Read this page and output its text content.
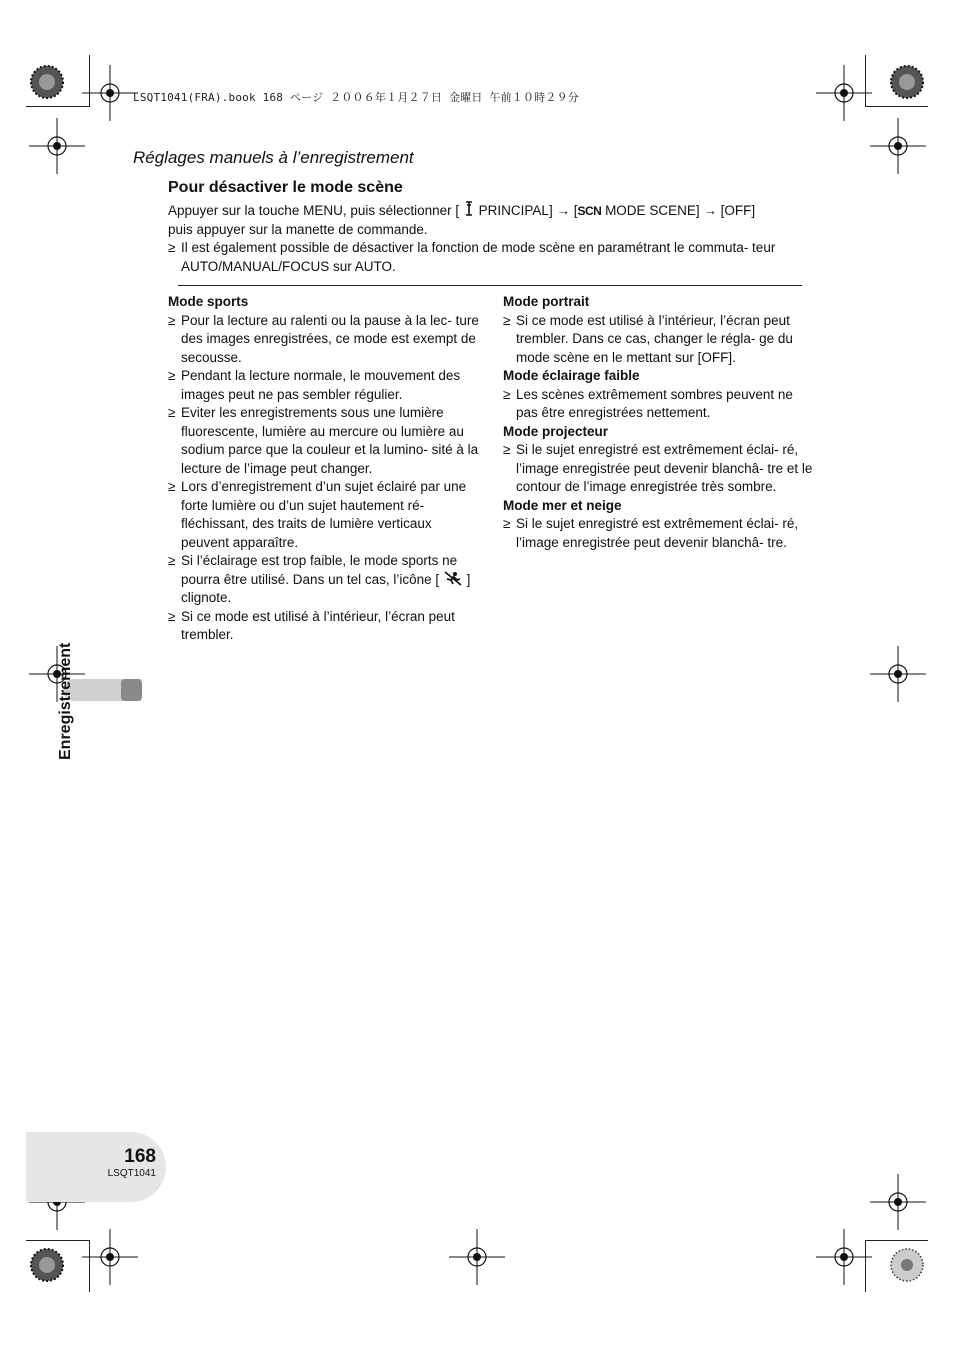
LSQT1041(FRA).book 168 ページ ２００６年１月２７日 金曜日 午前１０時２９分
Réglages manuels à l’enregistrement
Pour désactiver le mode scène

Appuyer sur la touche MENU, puis sélectionner [ PRINCIPAL] → [SCN MODE SCENE] → [OFF]

puis appuyer sur la manette de commande.

≥ Il est également possible de désactiver la fonction de mode scène en paramétrant le commuta- teur AUTO/MANUAL/FOCUS sur AUTO.
Mode sports
≥ Pour la lecture au ralenti ou la pause à la lec- ture des images enregistrées, ce mode est exempt de secousse.
≥ Pendant la lecture normale, le mouvement des images peut ne pas sembler régulier.
≥ Eviter les enregistrements sous une lumière fluorescente, lumière au mercure ou lumière au sodium parce que la couleur et la lumino- sité à la lecture de l’image peut changer.
≥ Lors d’enregistrement d’un sujet éclairé par une forte lumière ou d’un sujet hautement ré- fléchissant, des traits de lumière verticaux peuvent apparaître.
≥ Si l’éclairage est trop faible, le mode sports ne pourra être utilisé. Dans un tel cas, l’icône [ ] clignote.
≥ Si ce mode est utilisé à l’intérieur, l’écran peut trembler.
Mode portrait
≥ Si ce mode est utilisé à l’intérieur, l’écran peut trembler. Dans ce cas, changer le régla- ge du mode scène en le mettant sur [OFF].
Mode éclairage faible
≥ Les scènes extrêmement sombres peuvent ne pas être enregistrées nettement.
Mode projecteur
≥ Si le sujet enregistré est extrêmement éclai- ré, l’image enregistrée peut devenir blanchâ- tre et le contour de l’image enregistrée très sombre.
Mode mer et neige
≥ Si le sujet enregistré est extrêmement éclai- ré, l’image enregistrée peut devenir blanchâ- tre.
Enregistrement
168
LSQT1041
